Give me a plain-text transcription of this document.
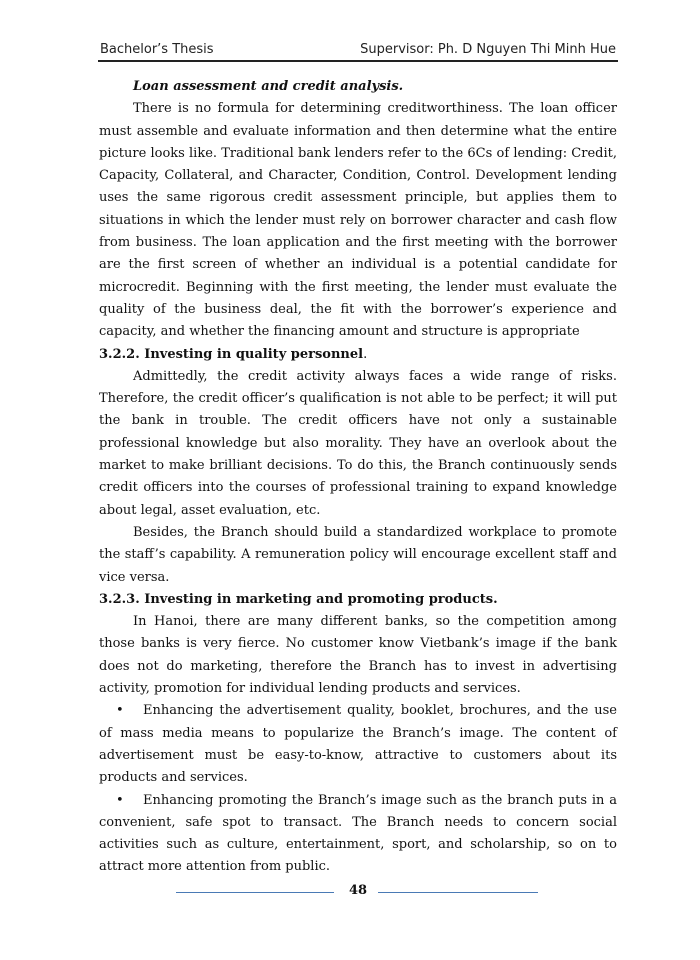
Bachelor’s Thesis	Supervisor: Ph. D Nguyen Thi Minh Hue

Loan assessment and credit analysis.

There is no formula for determining creditworthiness. The loan officer must assemble and evaluate information and then determine what the entire picture looks like. Traditional bank lenders refer to the 6Cs of lending: Credit, Capacity, Collateral, and Character, Condition, Control. Development lending uses the same rigorous credit assessment principle, but applies them to situations in which the lender must rely on borrower character and cash flow from business. The loan application and the first meeting with the borrower are the first screen of whether an individual is a potential candidate for microcredit. Beginning with the first meeting, the lender must evaluate the quality of the business deal, the fit with the borrower’s experience and capacity, and whether the financing amount and structure is appropriate

3.2.2. Investing in quality personnel.

Admittedly, the credit activity always faces a wide range of risks. Therefore, the credit officer’s qualification is not able to be perfect; it will put the bank in trouble. The credit officers have not only a sustainable professional knowledge but also morality. They have an overlook about the market to make brilliant decisions. To do this, the Branch continuously sends credit officers into the courses of professional training to expand knowledge about legal, asset evaluation, etc.

Besides, the Branch should build a standardized workplace to promote the staff’s capability. A remuneration policy will encourage excellent staff and vice versa.

3.2.3. Investing in marketing and promoting products.

In Hanoi, there are many different banks, so the competition among those banks is very fierce. No customer know Vietbank’s image if the bank does not do marketing, therefore the Branch has to invest in advertising activity, promotion for individual lending products and services.

• Enhancing the advertisement quality, booklet, brochures, and the use of mass media means to popularize the Branch’s image. The content of advertisement must be easy-to-know, attractive to customers about its products and services.

• Enhancing promoting the Branch’s image such as the branch puts in a convenient, safe spot to transact. The Branch needs to concern social activities such as culture, entertainment, sport, and scholarship, so on to attract more attention from public.

48
